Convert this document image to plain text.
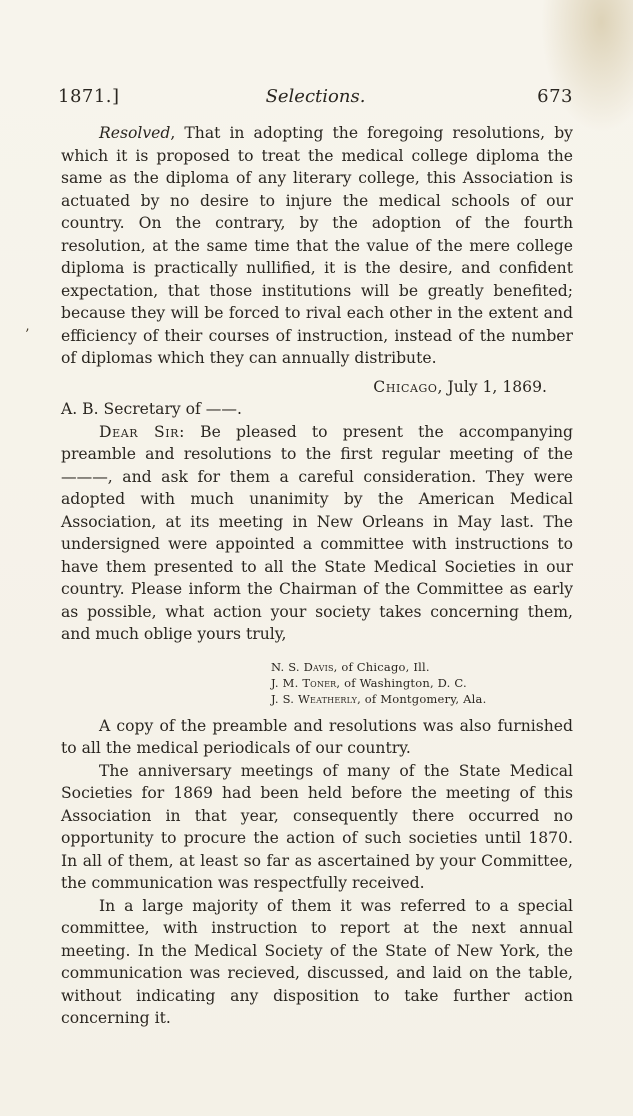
1871.]	Selections.	673

Resolved, That in adopting the foregoing resolutions, by which it is proposed to treat the medical college diploma the same as the diploma of any literary college, this Association is actuated by no desire to injure the medical schools of our country. On the contrary, by the adoption of the fourth resolution, at the same time that the value of the mere college diploma is practically nullified, it is the desire, and confident expectation, that those institutions will be greatly benefited; because they will be forced to rival each other in the extent and efficiency of their courses of instruction, instead of the number of diplomas which they can annually distribute.

Chicago, July 1, 1869.

A. B. Secretary of ——.

Dear Sir: Be pleased to present the accompanying preamble and resolutions to the first regular meeting of the ———, and ask for them a careful consideration. They were adopted with much unanimity by the American Medical Association, at its meeting in New Orleans in May last. The undersigned were appointed a committee with instructions to have them presented to all the State Medical Societies in our country. Please inform the Chairman of the Committee as early as possible, what action your society takes concerning them, and much oblige yours truly,

N. S. Davis, of Chicago, Ill.
J. M. Toner, of Washington, D. C.
J. S. Weatherly, of Montgomery, Ala.

A copy of the preamble and resolutions was also furnished to all the medical periodicals of our country.

The anniversary meetings of many of the State Medical Societies for 1869 had been held before the meeting of this Association in that year, consequently there occurred no opportunity to procure the action of such societies until 1870. In all of them, at least so far as ascertained by your Committee, the communication was respectfully received.

In a large majority of them it was referred to a special committee, with instruction to report at the next annual meeting. In the Medical Society of the State of New York, the communication was recieved, discussed, and laid on the table, without indicating any disposition to take further action concerning it.

’
